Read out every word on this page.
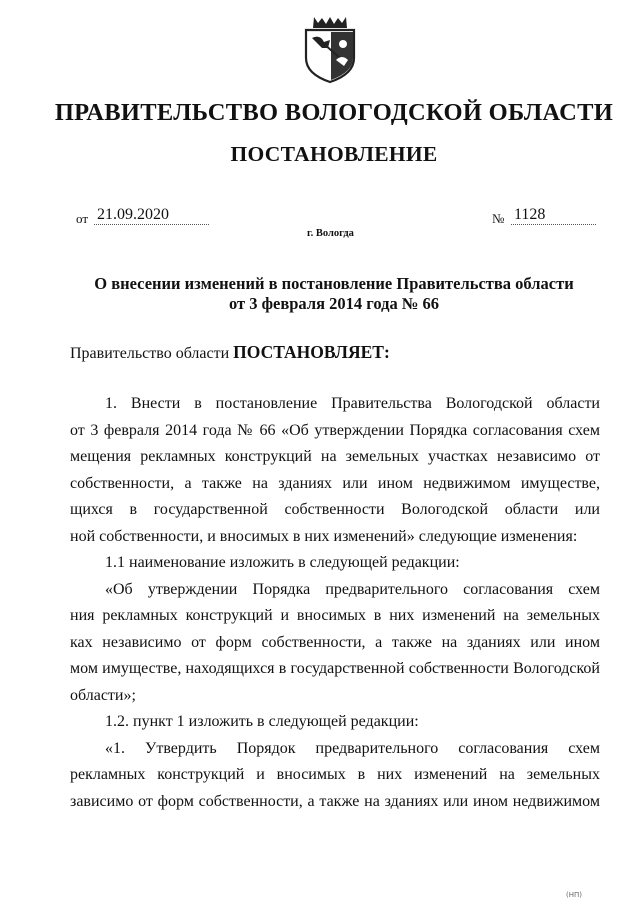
ПРАВИТЕЛЬСТВО ВОЛОГОДСКОЙ ОБЛАСТИ
ПОСТАНОВЛЕНИЕ
от 21.09.2020	№ 1128
г. Вологда
О внесении изменений в постановление Правительства области
от 3 февраля 2014 года № 66
Правительство области ПОСТАНОВЛЯЕТ:
1. Внести в постановление Правительства Вологодской области
от 3 февраля 2014 года № 66 «Об утверждении Порядка согласования схем
мещения рекламных конструкций на земельных участках независимо от
собственности, а также на зданиях или ином недвижимом имуществе,
щихся в государственной собственности Вологодской области или
ной собственности, и вносимых в них изменений» следующие изменения:
1.1 наименование изложить в следующей редакции:
«Об утверждении Порядка предварительного согласования схем
ния рекламных конструкций и вносимых в них изменений на земельных
ках независимо от форм собственности, а также на зданиях или ином
мом имуществе, находящихся в государственной собственности Вологодской
области»;
1.2. пункт 1 изложить в следующей редакции:
«1. Утвердить Порядок предварительного согласования схем
рекламных конструкций и вносимых в них изменений на земельных
зависимо от форм собственности, а также на зданиях или ином недвижимом
(НП)
